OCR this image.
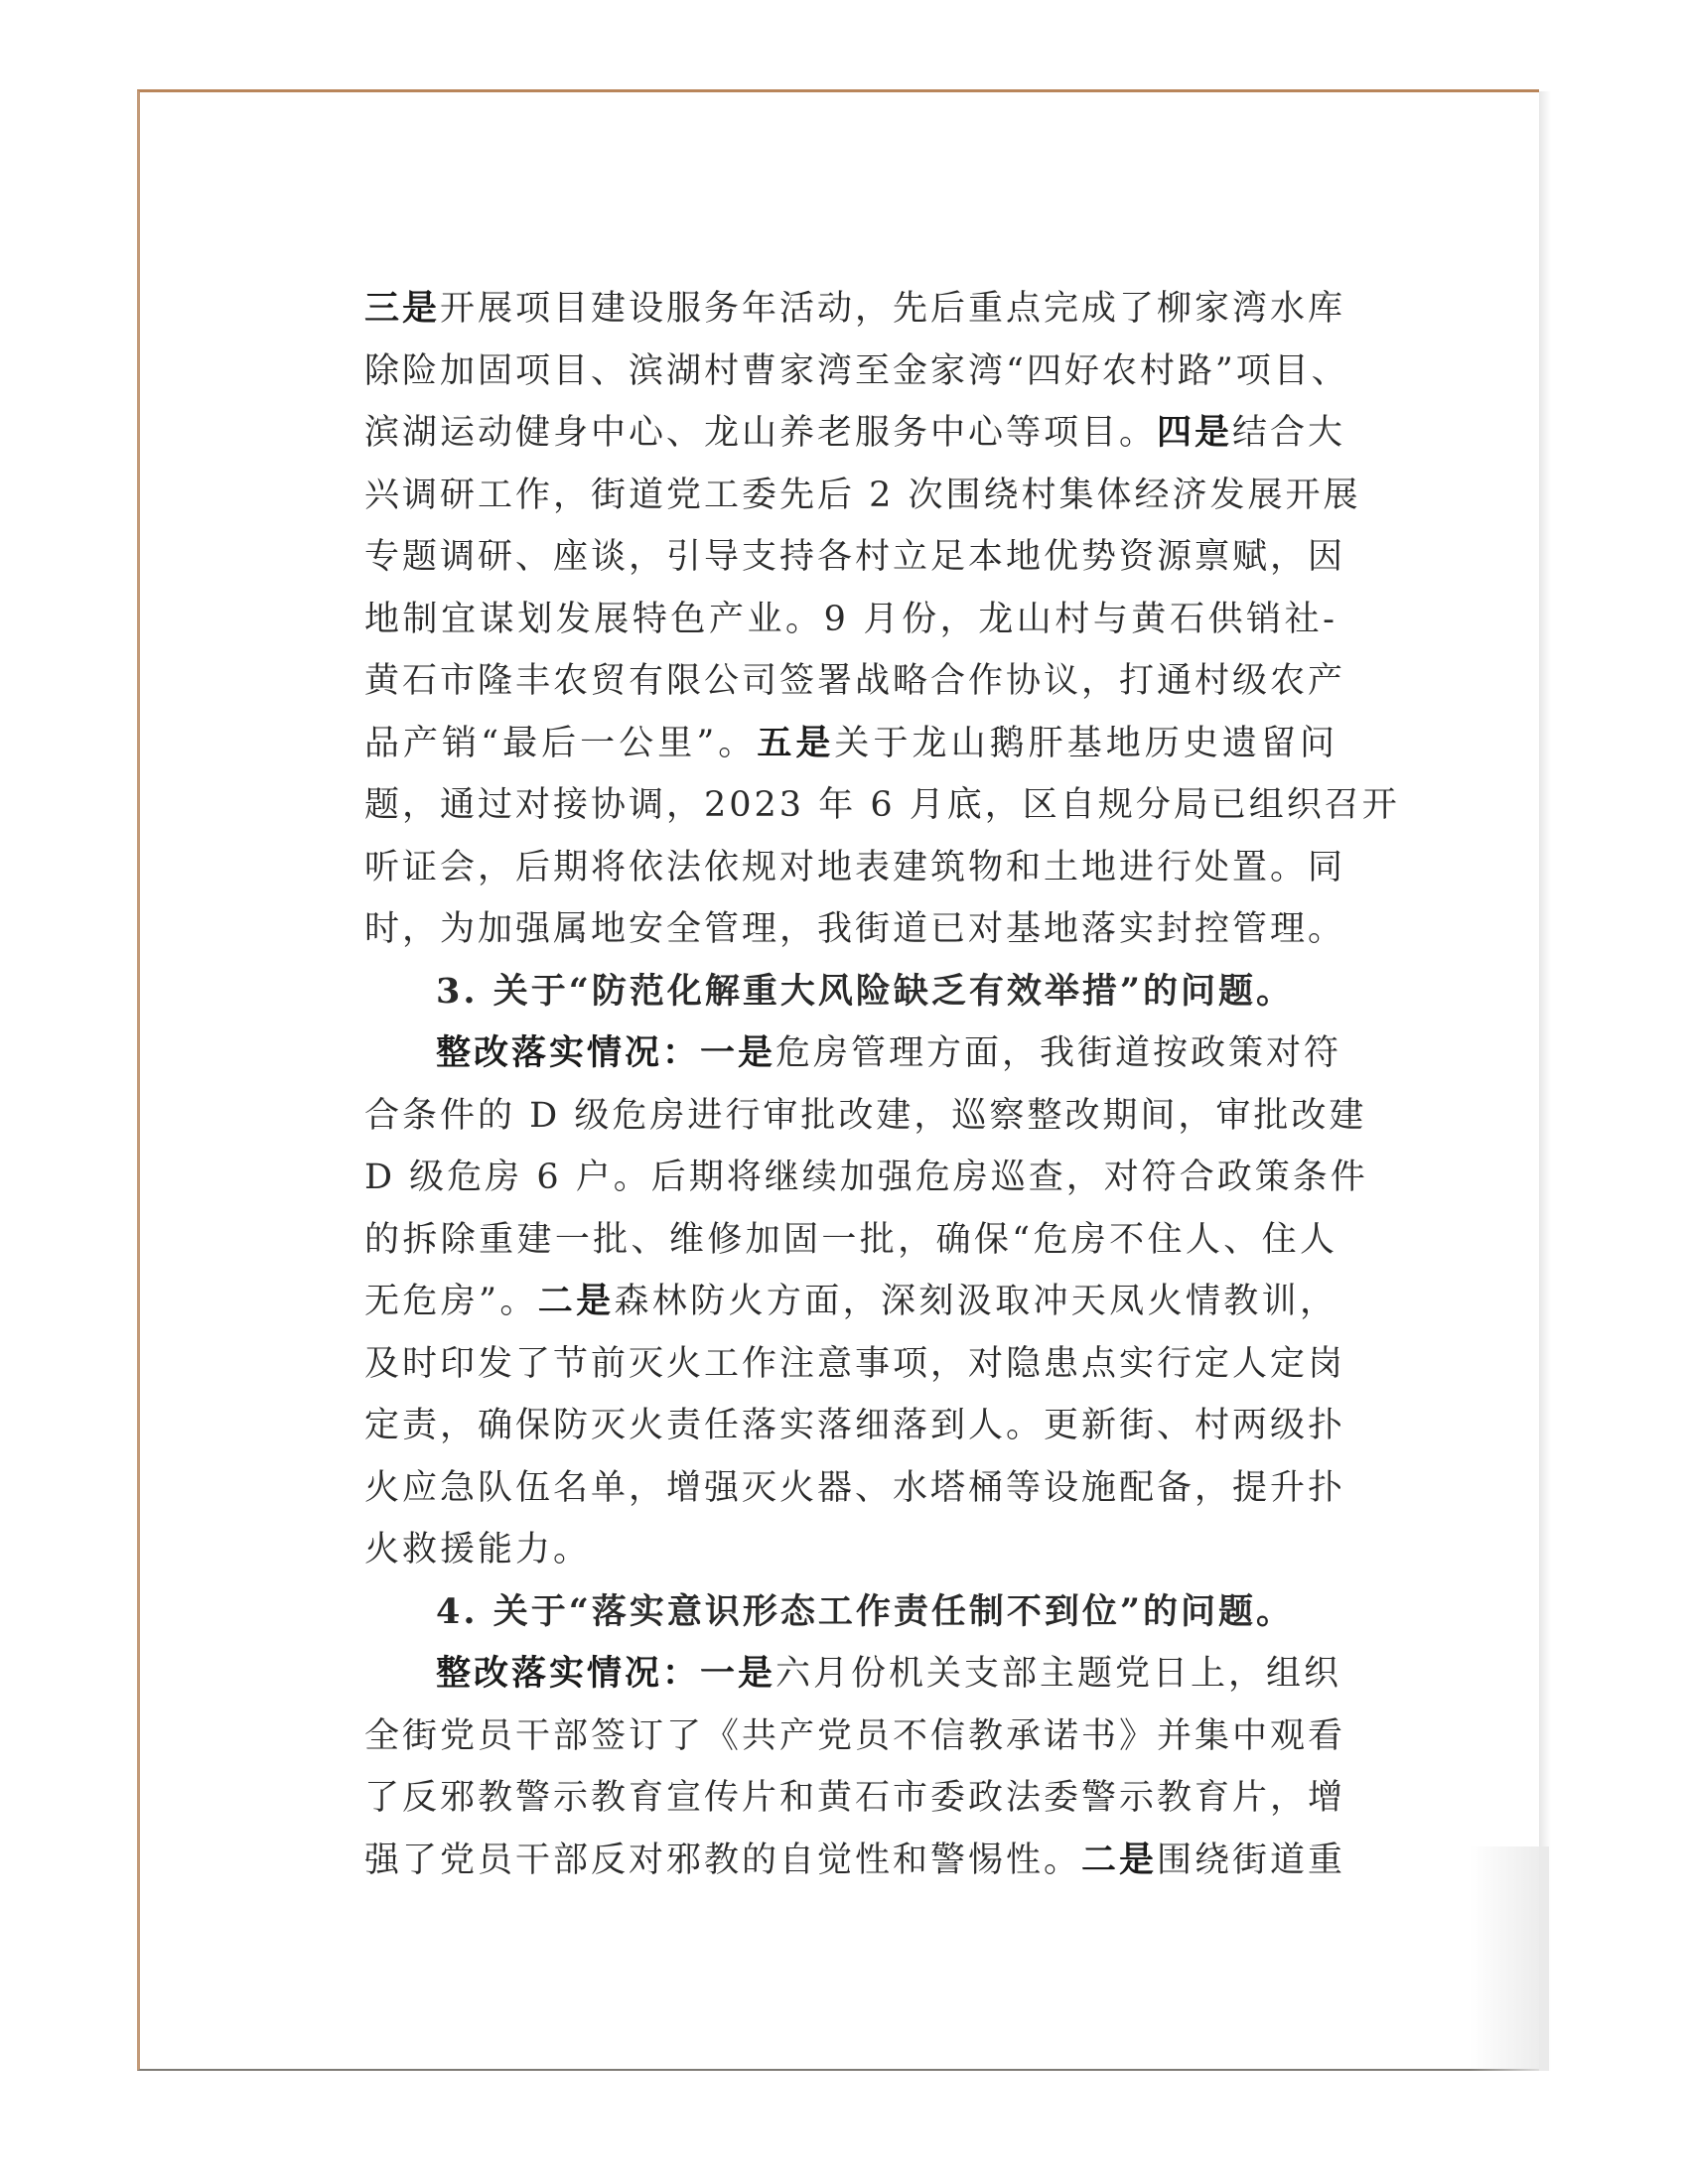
三是开展项目建设服务年活动，先后重点完成了柳家湾水库
除险加固项目、滨湖村曹家湾至金家湾“四好农村路”项目、
滨湖运动健身中心、龙山养老服务中心等项目。四是结合大
兴调研工作，街道党工委先后 2 次围绕村集体经济发展开展
专题调研、座谈，引导支持各村立足本地优势资源禀赋，因
地制宜谋划发展特色产业。9 月份，龙山村与黄石供销社-
黄石市隆丰农贸有限公司签署战略合作协议，打通村级农产
品产销“最后一公里”。五是关于龙山鹅肝基地历史遗留问
题，通过对接协调，2023 年 6 月底，区自规分局已组织召开
听证会，后期将依法依规对地表建筑物和土地进行处置。同
时，为加强属地安全管理，我街道已对基地落实封控管理。
3. 关于“防范化解重大风险缺乏有效举措”的问题。
整改落实情况：一是危房管理方面，我街道按政策对符
合条件的 D 级危房进行审批改建，巡察整改期间，审批改建
D 级危房 6 户。后期将继续加强危房巡查，对符合政策条件
的拆除重建一批、维修加固一批，确保“危房不住人、住人
无危房”。二是森林防火方面，深刻汲取冲天凤火情教训，
及时印发了节前灭火工作注意事项，对隐患点实行定人定岗
定责，确保防灭火责任落实落细落到人。更新街、村两级扑
火应急队伍名单，增强灭火器、水塔桶等设施配备，提升扑
火救援能力。
4. 关于“落实意识形态工作责任制不到位”的问题。
整改落实情况：一是六月份机关支部主题党日上，组织
全街党员干部签订了《共产党员不信教承诺书》并集中观看
了反邪教警示教育宣传片和黄石市委政法委警示教育片，增
强了党员干部反对邪教的自觉性和警惕性。二是围绕街道重
